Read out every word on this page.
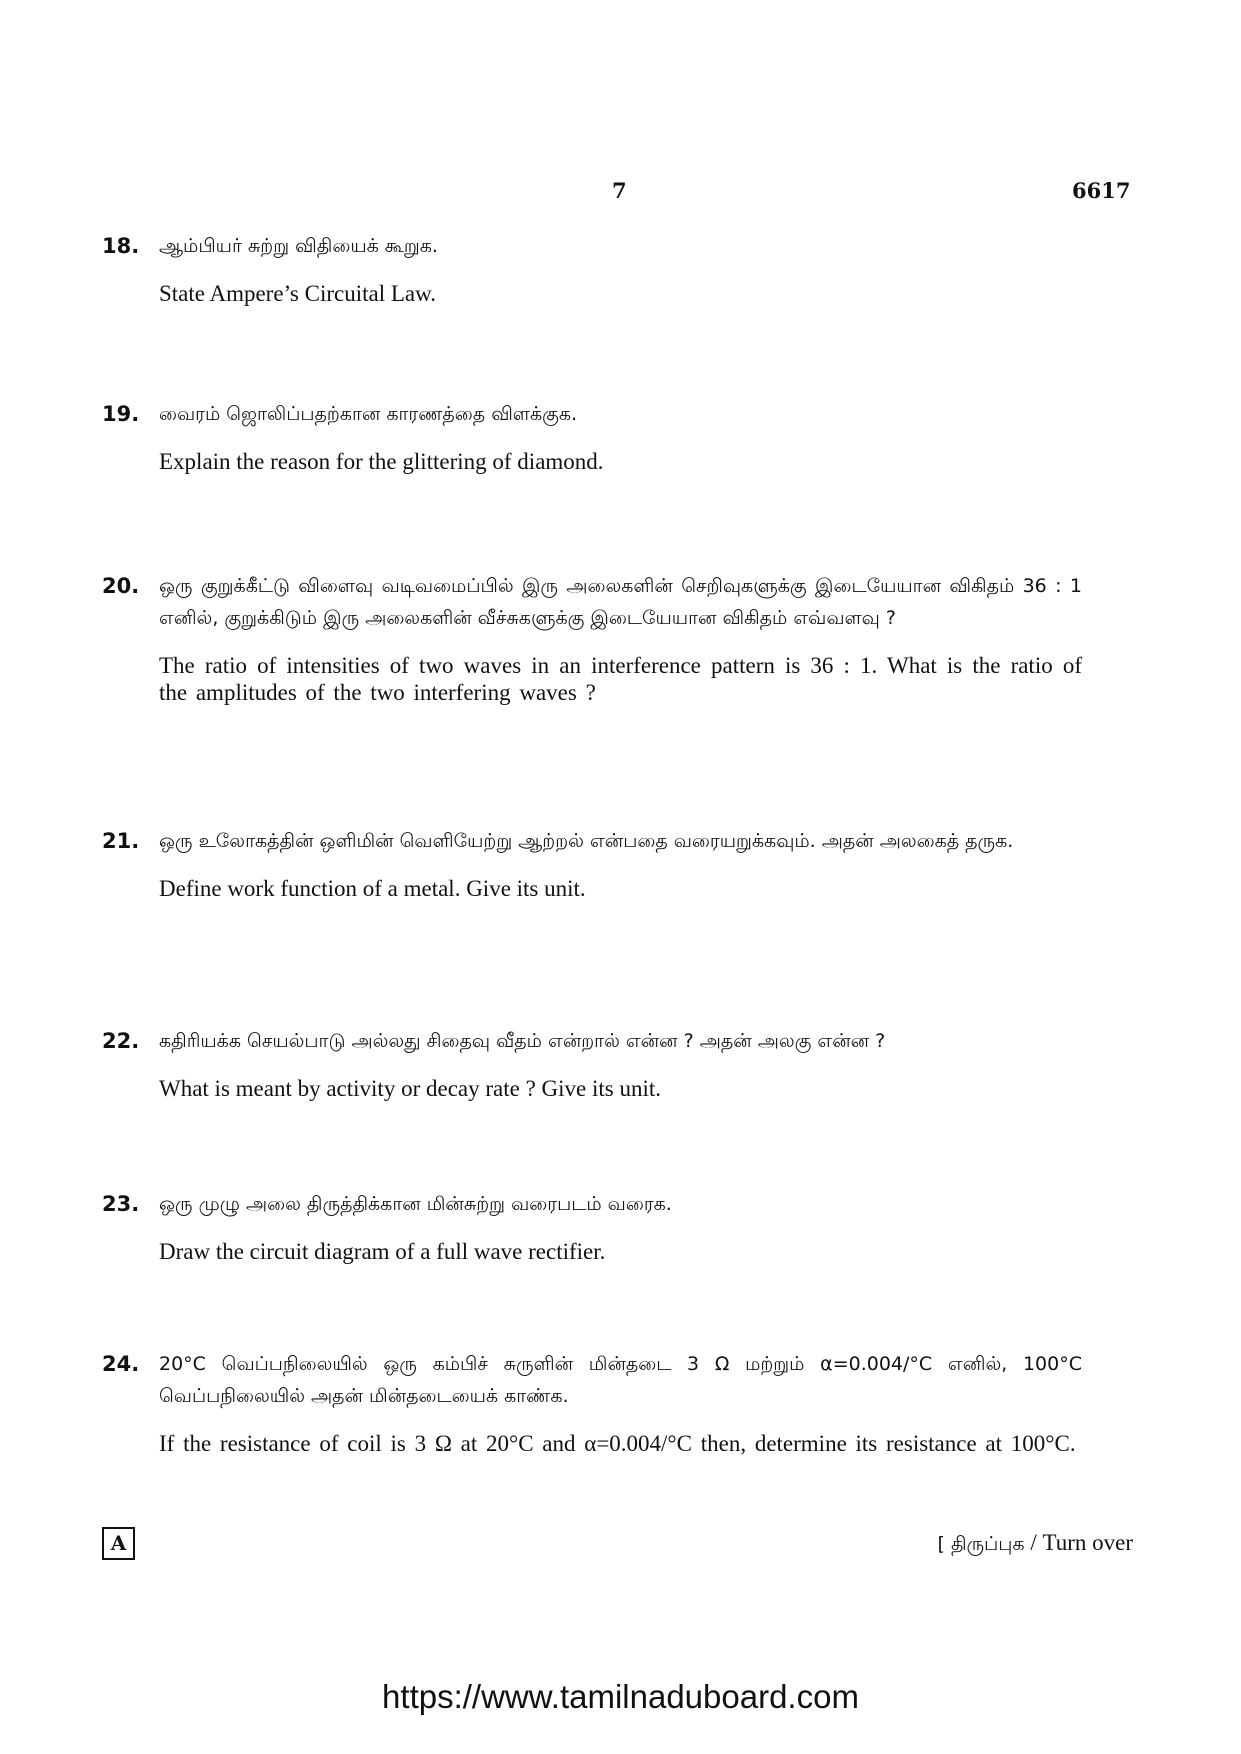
7	6617
18. ஆம்பியர் சுற்று விதியைக் கூறுக.
State Ampere’s Circuital Law.
19. வைரம் ஜொலிப்பதற்கான காரணத்தை விளக்குக.
Explain the reason for the glittering of diamond.
20. ஒரு குறுக்கீட்டு விளைவு வடிவமைப்பில் இரு அலைகளின் செறிவுகளுக்கு இடையேயான விகிதம் 36 : 1 எனில், குறுக்கிடும் இரு அலைகளின் வீச்சுகளுக்கு இடையேயான விகிதம் எவ்வளவு ?
The ratio of intensities of two waves in an interference pattern is 36 : 1. What is the ratio of the amplitudes of the two interfering waves ?
21. ஒரு உலோகத்தின் ஒளிமின் வெளியேற்று ஆற்றல் என்பதை வரையறுக்கவும். அதன் அலகைத் தருக.
Define work function of a metal. Give its unit.
22. கதிரியக்க செயல்பாடு அல்லது சிதைவு வீதம் என்றால் என்ன ? அதன் அலகு என்ன ?
What is meant by activity or decay rate ? Give its unit.
23. ஒரு முழு அலை திருத்திக்கான மின்சுற்று வரைபடம் வரைக.
Draw the circuit diagram of a full wave rectifier.
24. 20°C வெப்பநிலையில் ஒரு கம்பிச் சுருளின் மின்தடை 3 Ω மற்றும் α=0.004/°C எனில், 100°C வெப்பநிலையில் அதன் மின்தடையைக் காண்க.
If the resistance of coil is 3 Ω at 20°C and α=0.004/°C then, determine its resistance at 100°C.
A	[ திருப்புக / Turn over
https://www.tamilnaduboard.com
